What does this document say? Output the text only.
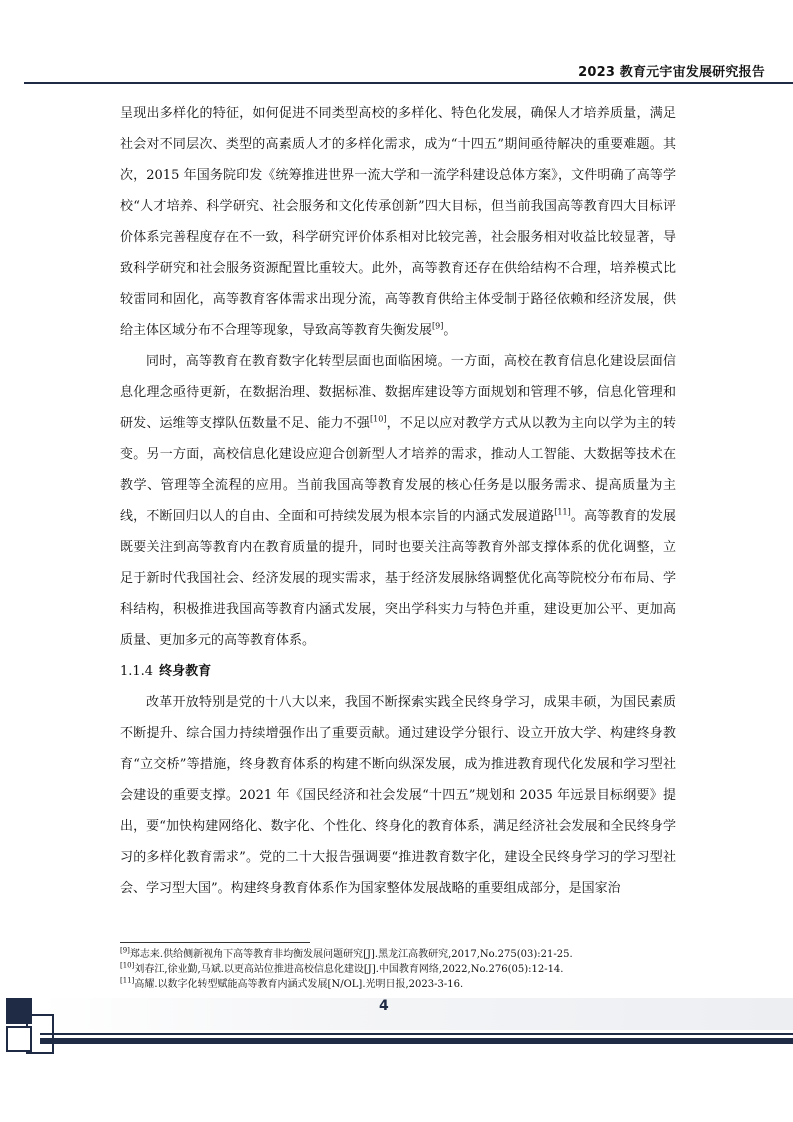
2023 教育元宇宙发展研究报告

呈现出多样化的特征，如何促进不同类型高校的多样化、特色化发展，确保人才培养质量，满足社会对不同层次、类型的高素质人才的多样化需求，成为“十四五”期间亟待解决的重要难题。其次，2015 年国务院印发《统筹推进世界一流大学和一流学科建设总体方案》，文件明确了高等学校“人才培养、科学研究、社会服务和文化传承创新”四大目标，但当前我国高等教育四大目标评价体系完善程度存在不一致，科学研究评价体系相对比较完善，社会服务相对收益比较显著，导致科学研究和社会服务资源配置比重较大。此外，高等教育还存在供给结构不合理，培养模式比较雷同和固化，高等教育客体需求出现分流，高等教育供给主体受制于路径依赖和经济发展，供给主体区域分布不合理等现象，导致高等教育失衡发展[9]。

同时，高等教育在教育数字化转型层面也面临困境。一方面，高校在教育信息化建设层面信息化理念亟待更新，在数据治理、数据标准、数据库建设等方面规划和管理不够，信息化管理和研发、运维等支撑队伍数量不足、能力不强[10]，不足以应对教学方式从以教为主向以学为主的转变。另一方面，高校信息化建设应迎合创新型人才培养的需求，推动人工智能、大数据等技术在教学、管理等全流程的应用。当前我国高等教育发展的核心任务是以服务需求、提高质量为主线，不断回归以人的自由、全面和可持续发展为根本宗旨的内涵式发展道路[11]。高等教育的发展既要关注到高等教育内在教育质量的提升，同时也要关注高等教育外部支撑体系的优化调整，立足于新时代我国社会、经济发展的现实需求，基于经济发展脉络调整优化高等院校分布布局、学科结构，积极推进我国高等教育内涵式发展，突出学科实力与特色并重，建设更加公平、更加高质量、更加多元的高等教育体系。

1.1.4 终身教育

改革开放特别是党的十八大以来，我国不断探索实践全民终身学习，成果丰硕，为国民素质不断提升、综合国力持续增强作出了重要贡献。通过建设学分银行、设立开放大学、构建终身教育“立交桥”等措施，终身教育体系的构建不断向纵深发展，成为推进教育现代化发展和学习型社会建设的重要支撑。2021 年《国民经济和社会发展“十四五”规划和 2035 年远景目标纲要》提出，要“加快构建网络化、数字化、个性化、终身化的教育体系，满足经济社会发展和全民终身学习的多样化教育需求”。党的二十大报告强调要“推进教育数字化，建设全民终身学习的学习型社会、学习型大国”。构建终身教育体系作为国家整体发展战略的重要组成部分，是国家治

[9]郑志来.供给侧新视角下高等教育非均衡发展问题研究[J].黑龙江高教研究,2017,No.275(03):21-25.

[10]刘春江,徐业勤,马斌.以更高站位推进高校信息化建设[J].中国教育网络,2022,No.276(05):12-14.

[11]高耀.以数字化转型赋能高等教育内涵式发展[N/OL].光明日报,2023-3-16.

4
